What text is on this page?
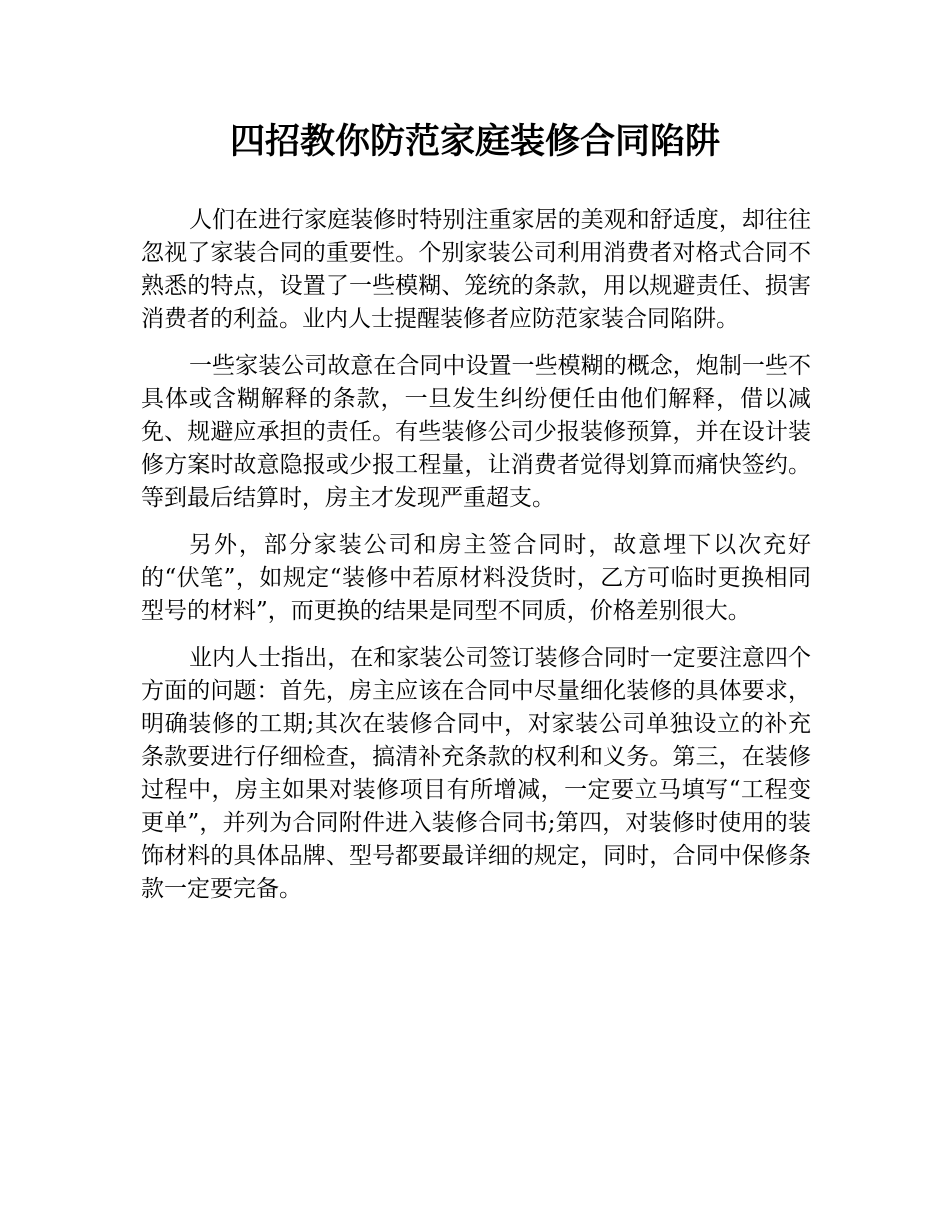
四招教你防范家庭装修合同陷阱

人们在进行家庭装修时特别注重家居的美观和舒适度，却往往忽视了家装合同的重要性。个别家装公司利用消费者对格式合同不熟悉的特点，设置了一些模糊、笼统的条款，用以规避责任、损害消费者的利益。业内人士提醒装修者应防范家装合同陷阱。

一些家装公司故意在合同中设置一些模糊的概念，炮制一些不具体或含糊解释的条款，一旦发生纠纷便任由他们解释，借以减免、规避应承担的责任。有些装修公司少报装修预算，并在设计装修方案时故意隐报或少报工程量，让消费者觉得划算而痛快签约。等到最后结算时，房主才发现严重超支。

另外，部分家装公司和房主签合同时，故意埋下以次充好的“伏笔”，如规定“装修中若原材料没货时，乙方可临时更换相同型号的材料”，而更换的结果是同型不同质，价格差别很大。

业内人士指出，在和家装公司签订装修合同时一定要注意四个方面的问题：首先，房主应该在合同中尽量细化装修的具体要求，明确装修的工期;其次在装修合同中，对家装公司单独设立的补充条款要进行仔细检查，搞清补充条款的权利和义务。第三，在装修过程中，房主如果对装修项目有所增减，一定要立马填写“工程变更单”，并列为合同附件进入装修合同书;第四，对装修时使用的装饰材料的具体品牌、型号都要最详细的规定，同时，合同中保修条款一定要完备。
